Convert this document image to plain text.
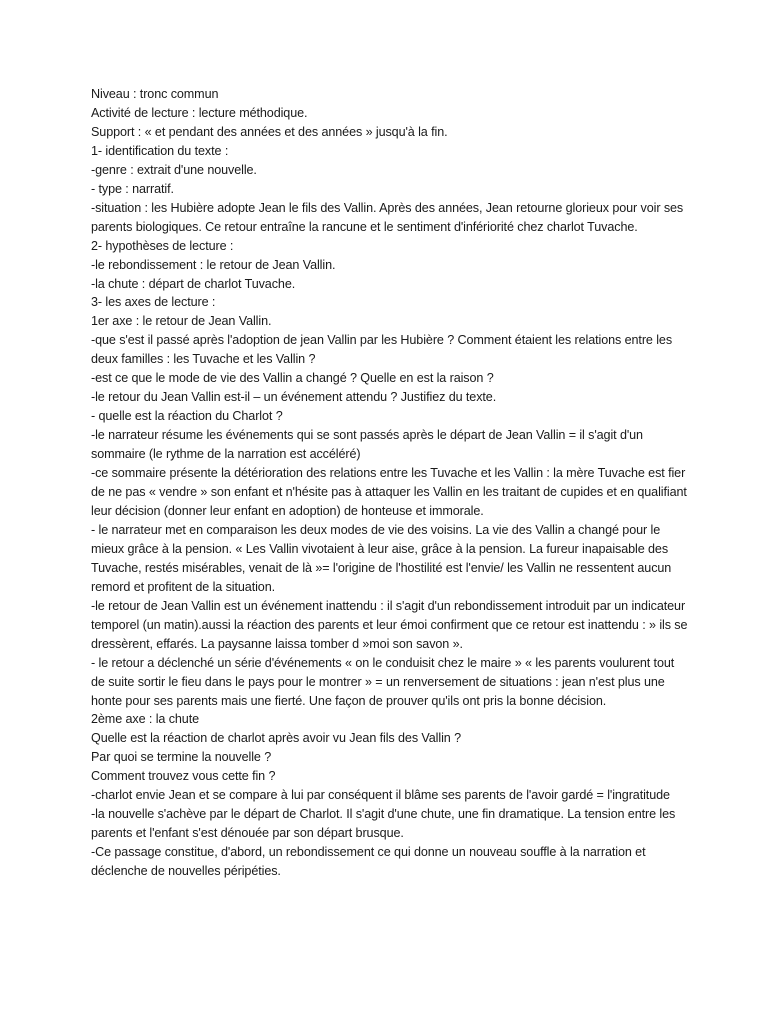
Niveau : tronc commun

Activité de lecture : lecture méthodique.

Support : « et pendant des années et des années » jusqu'à la fin.

1- identification du texte :

-genre : extrait d'une nouvelle.

- type : narratif.

-situation : les Hubière adopte Jean le fils des Vallin. Après des années, Jean retourne glorieux pour voir ses parents biologiques. Ce retour entraîne la rancune et le sentiment d'infériorité chez charlot Tuvache.

2- hypothèses de lecture :

-le rebondissement : le retour de Jean Vallin.

-la chute : départ de charlot Tuvache.

3- les axes de lecture :

1er axe : le retour de Jean Vallin.

-que s'est il passé après l'adoption de jean Vallin par les Hubière ? Comment étaient les relations entre les deux familles : les Tuvache et les Vallin ?

-est ce que le mode de vie des Vallin a changé ? Quelle en est la raison ?

-le retour du Jean Vallin est-il – un événement attendu ? Justifiez du texte.

- quelle est la réaction du Charlot ?

-le narrateur résume les événements qui se sont passés après le départ de Jean Vallin = il s'agit d'un sommaire (le rythme de la narration est accéléré)

-ce sommaire présente la détérioration des relations entre les Tuvache et les Vallin : la mère Tuvache est fier de ne pas « vendre » son enfant et n'hésite pas à attaquer les Vallin en les traitant de cupides et en qualifiant leur décision (donner leur enfant en adoption) de honteuse et immorale.

- le narrateur met en comparaison les deux modes de vie des voisins. La vie des Vallin a changé pour le mieux grâce à la pension. « Les Vallin vivotaient à leur aise, grâce à la pension. La fureur inapaisable des Tuvache, restés misérables, venait de là »= l'origine de l'hostilité est l'envie/ les Vallin ne ressentent aucun remord et profitent de la situation.

-le retour de Jean Vallin est un événement inattendu : il s'agit d'un rebondissement introduit par un indicateur temporel (un matin).aussi la réaction des parents et leur émoi confirment que ce retour est inattendu : » ils se dressèrent, effarés. La paysanne laissa tomber d »moi son savon ».

- le retour a déclenché un série d'événements « on le conduisit chez le maire » « les parents voulurent tout de suite sortir le fieu dans le pays pour le montrer » = un renversement de situations : jean n'est plus une honte pour ses parents mais une fierté. Une façon de prouver qu'ils ont pris la bonne décision.

2ème axe : la chute

Quelle est la réaction de charlot après avoir vu Jean fils des Vallin ?

Par quoi se termine la nouvelle ?

Comment trouvez vous cette fin ?

-charlot envie Jean et se compare à lui par conséquent il blâme ses parents de l'avoir gardé = l'ingratitude

-la nouvelle s'achève par le départ de Charlot. Il s'agit d'une chute, une fin dramatique. La tension entre les parents et l'enfant s'est dénouée par son départ brusque.

-Ce passage constitue, d'abord, un rebondissement ce qui donne un nouveau souffle à la narration et déclenche de nouvelles péripéties.
